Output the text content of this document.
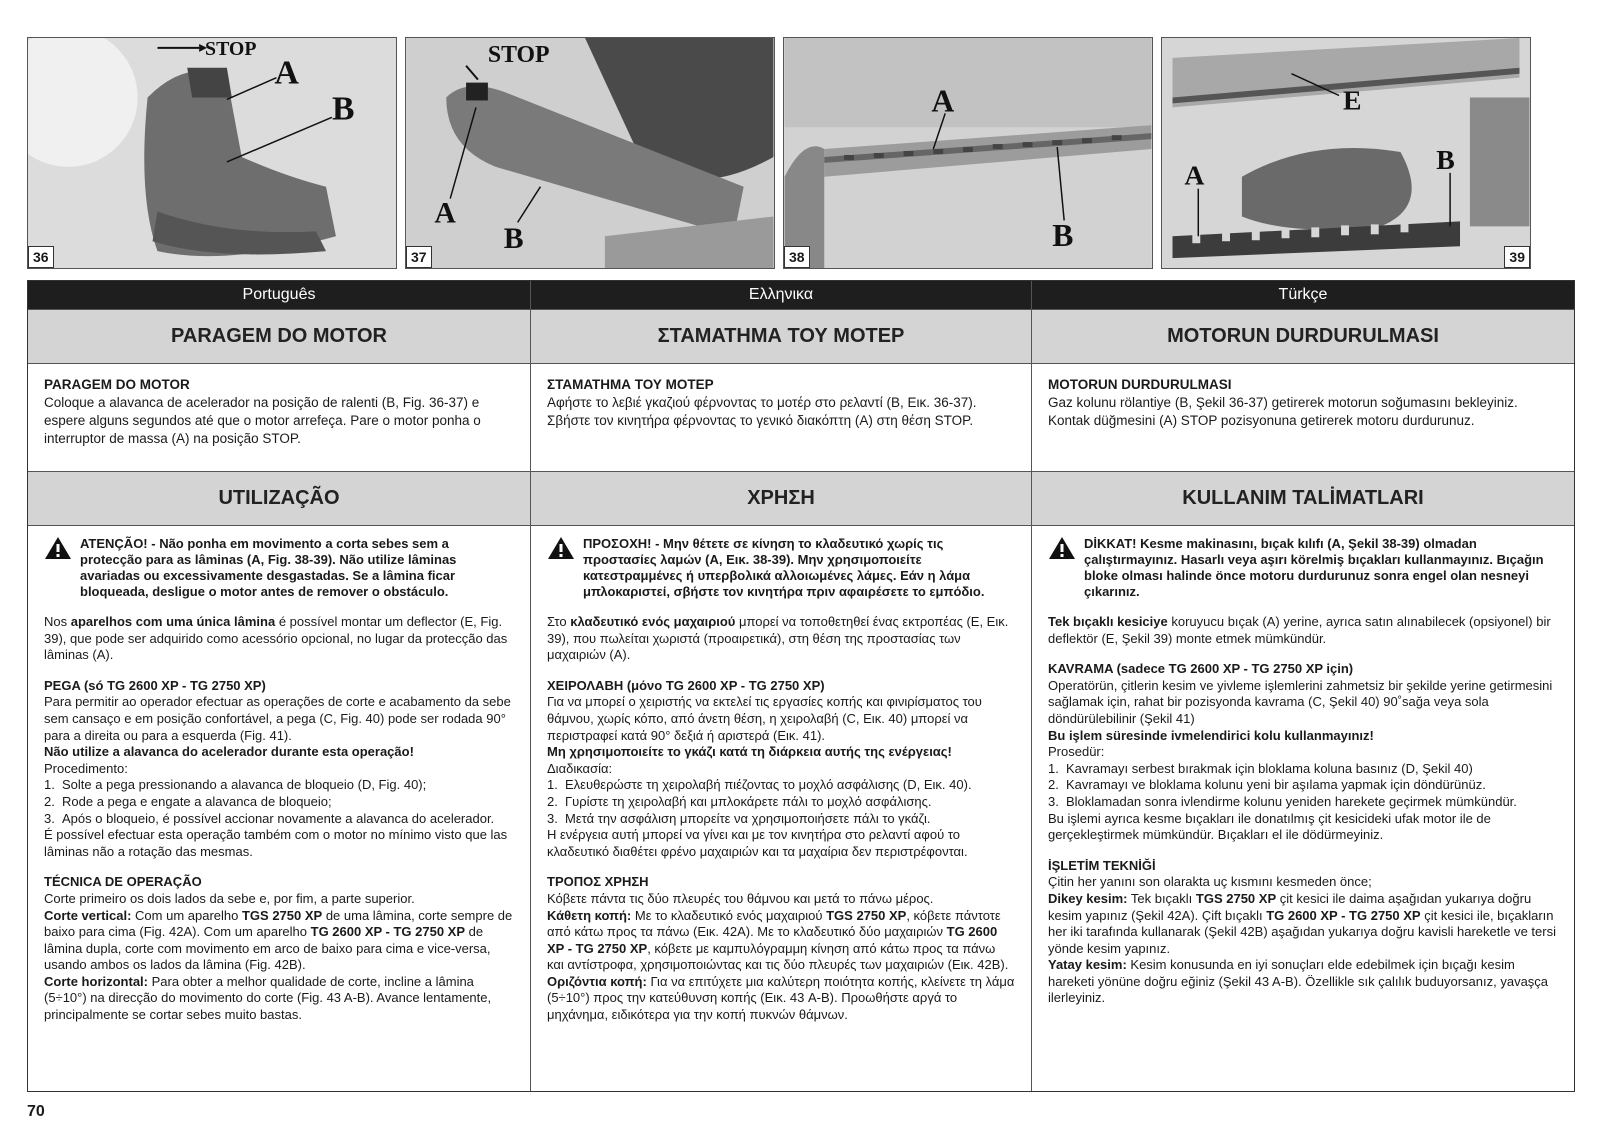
STOP
A
B
36
STOP
A
B
37
A
B
38
E
A
B
39
Português
PARAGEM DO MOTOR

PARAGEM DO MOTOR

Coloque a alavanca de acelerador na posição de ralenti (B, Fig. 36-37) e espere alguns segundos até que o motor arrefeça. Pare o motor ponha o interruptor de massa (A) na posição STOP.

UTILIZAÇÃO
ATENÇÃO! - Não ponha em movimento a corta sebes sem a protecção para as lâminas (A, Fig. 38-39). Não utilize lâminas avariadas ou excessivamente desgastadas. Se a lâmina ficar bloqueada, desligue o motor antes de remover o obstáculo.

Nos aparelhos com uma única lâmina é possível montar um deflector (E, Fig. 39), que pode ser adquirido como acessório opcional, no lugar da protecção das lâminas (A).

PEGA (só TG 2600 XP - TG 2750 XP)

Para permitir ao operador efectuar as operações de corte e acabamento da sebe sem cansaço e em posição confortável, a pega (C, Fig. 40) pode ser rodada 90° para a direita ou para a esquerda (Fig. 41).

Não utilize a alavanca do acelerador durante esta operação!

Procedimento:

1. Solte a pega pressionando a alavanca de bloqueio (D, Fig. 40);
2. Rode a pega e engate a alavanca de bloqueio;
3. Após o bloqueio, é possível accionar novamente a alavanca do acelerador.

É possível efectuar esta operação também com o motor no mínimo visto que las lâminas não a rotação das mesmas.

TÉCNICA DE OPERAÇÃO

Corte primeiro os dois lados da sebe e, por fim, a parte superior.

Corte vertical: Com um aparelho TGS 2750 XP de uma lâmina, corte sempre de baixo para cima (Fig. 42A). Com um aparelho TG 2600 XP - TG 2750 XP de lâmina dupla, corte com movimento em arco de baixo para cima e vice-versa, usando ambos os lados da lâmina (Fig. 42B).

Corte horizontal: Para obter a melhor qualidade de corte, incline a lâmina (5÷10°) na direcção do movimento do corte (Fig. 43 A-B). Avance lentamente, principalmente se cortar sebes muito bastas.

Ελληνικα
ΣΤΑΜΑΤΗΜΑ ΤΟΥ ΜΟΤΕΡ

ΣΤΑΜΑΤΗΜΑ ΤΟΥ ΜΟΤΕΡ

Αφήστε το λεβιέ γκαζιού φέρνοντας το μοτέρ στο ρελαντί (B, Εικ. 36-37). Σβήστε τον κινητήρα φέρνοντας το γενικό διακόπτη (A) στη θέση STOP.

ΧΡΗΣΗ
ΠΡΟΣΟΧΗ! - Μην θέτετε σε κίνηση το κλαδευτικό χωρίς τις προστασίες λαμών (A, Εικ. 38-39). Μην χρησιμοποιείτε κατεστραμμένες ή υπερβολικά αλλοιωμένες λάμες. Εάν η λάμα μπλοκαριστεί, σβήστε τον κινητήρα πριν αφαιρέσετε το εμπόδιο.

Στο κλαδευτικό ενός μαχαιριού μπορεί να τοποθετηθεί ένας εκτροπέας (E, Εικ. 39), που πωλείται χωριστά (προαιρετικά), στη θέση της προστασίας των μαχαιριών (A).

ΧΕΙΡΟΛΑΒΗ (μόνο TG 2600 XP - TG 2750 XP)

Για να μπορεί ο χειριστής να εκτελεί τις εργασίες κοπής και φινιρίσματος του θάμνου, χωρίς κόπο, από άνετη θέση, η χειρολαβή (C, Εικ. 40) μπορεί να περιστραφεί κατά 90° δεξιά ή αριστερά (Εικ. 41).

Μη χρησιμοποιείτε το γκάζι κατά τη διάρκεια αυτής της ενέργειας!

Διαδικασία:

1. Ελευθερώστε τη χειρολαβή πιέζοντας το μοχλό ασφάλισης (D, Εικ. 40).
2. Γυρίστε τη χειρολαβή και μπλοκάρετε πάλι το μοχλό ασφάλισης.
3. Μετά την ασφάλιση μπορείτε να χρησιμοποιήσετε πάλι το γκάζι.

Η ενέργεια αυτή μπορεί να γίνει και με τον κινητήρα στο ρελαντί αφού το κλαδευτικό διαθέτει φρένο μαχαιριών και τα μαχαίρια δεν περιστρέφονται.

ΤΡΟΠΟΣ ΧΡΗΣΗ

Κόβετε πάντα τις δύο πλευρές του θάμνου και μετά το πάνω μέρος.

Κάθετη κοπή: Με το κλαδευτικό ενός μαχαιριού TGS 2750 XP, κόβετε πάντοτε από κάτω προς τα πάνω (Εικ. 42A). Με το κλαδευτικό δύο μαχαιριών TG 2600 XP - TG 2750 XP, κόβετε με καμπυλόγραμμη κίνηση από κάτω προς τα πάνω και αντίστροφα, χρησιμοποιώντας και τις δύο πλευρές των μαχαιριών (Εικ. 42B).

Οριζόντια κοπή: Για να επιτύχετε μια καλύτερη ποιότητα κοπής, κλείνετε τη λάμα (5÷10°) προς την κατεύθυνση κοπής (Εικ. 43 A-B). Προωθήστε αργά το μηχάνημα, ειδικότερα για την κοπή πυκνών θάμνων.

Türkçe
MOTORUN DURDURULMASI

MOTORUN DURDURULMASI

Gaz kolunu rölantiye (B, Şekil 36-37) getirerek motorun soğumasını bekleyiniz. Kontak düğmesini (A) STOP pozisyonuna getirerek motoru durdurunuz.

KULLANIM TALİMATLARI
DİKKAT! Kesme makinasını, bıçak kılıfı (A, Şekil 38-39) olmadan çalıştırmayınız. Hasarlı veya aşırı körelmiş bıçakları kullanmayınız. Bıçağın bloke olması halinde önce motoru durdurunuz sonra engel olan nesneyi çıkarınız.

Tek bıçaklı kesiciye koruyucu bıçak (A) yerine, ayrıca satın alınabilecek (opsiyonel) bir deflektör (E, Şekil 39) monte etmek mümkündür.

KAVRAMA (sadece TG 2600 XP - TG 2750 XP için)

Operatörün, çitlerin kesim ve yivleme işlemlerini zahmetsiz bir şekilde yerine getirmesini sağlamak için, rahat bir pozisyonda kavrama (C, Şekil 40) 90˚sağa veya sola döndürülebilinir (Şekil 41)

Bu işlem süresinde ivmelendirici kolu kullanmayınız!

Prosedür:

1. Kavramayı serbest bırakmak için bloklama koluna basınız (D, Şekil 40)
2. Kavramayı ve bloklama kolunu yeni bir aşılama yapmak için döndürünüz.
3. Bloklamadan sonra ivlendirme kolunu yeniden harekete geçirmek mümkündür.

Bu işlemi ayrıca kesme bıçakları ile donatılmış çit kesicideki ufak motor ile de gerçekleştirmek mümkündür. Bıçakları el ile dödürmeyiniz.

İŞLETİM TEKNİĞİ

Çitin her yanını son olarakta uç kısmını kesmeden önce;

Dikey kesim: Tek bıçaklı TGS 2750 XP çit kesici ile daima aşağıdan yukarıya doğru kesim yapınız (Şekil 42A). Çift bıçaklı TG 2600 XP - TG 2750 XP çit kesici ile, bıçakların her iki tarafında kullanarak (Şekil 42B) aşağıdan yukarıya doğru kavisli hareketle ve tersi yönde kesim yapınız.

Yatay kesim: Kesim konusunda en iyi sonuçları elde edebilmek için bıçağı kesim hareketi yönüne doğru eğiniz (Şekil 43 A-B). Özellikle sık çalılık buduyorsanız, yavaşça ilerleyiniz.

70
